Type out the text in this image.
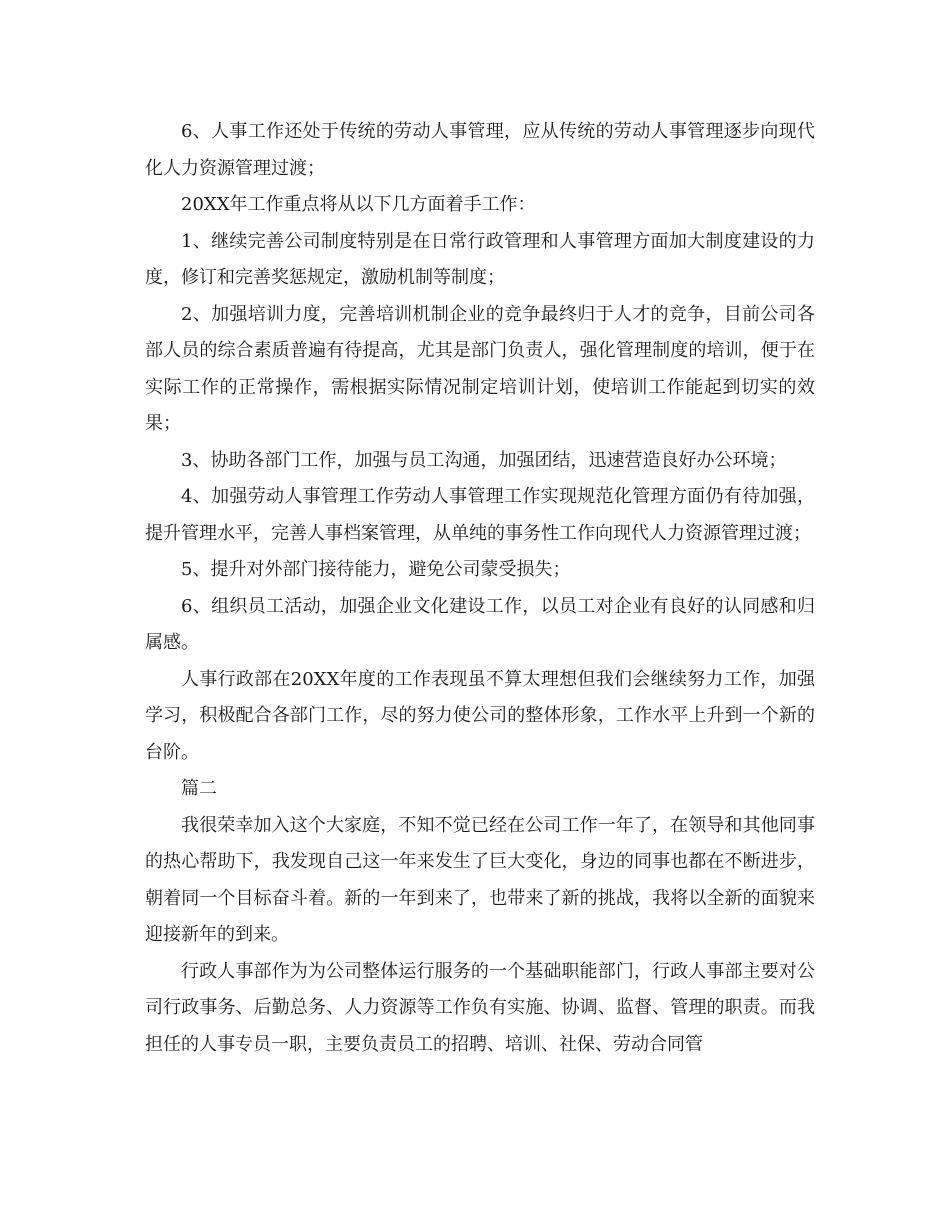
6、人事工作还处于传统的劳动人事管理，应从传统的劳动人事管理逐步向现代化人力资源管理过渡；

20XX年工作重点将从以下几方面着手工作：

1、继续完善公司制度特别是在日常行政管理和人事管理方面加大制度建设的力度，修订和完善奖惩规定，激励机制等制度；

2、加强培训力度，完善培训机制企业的竞争最终归于人才的竞争，目前公司各部人员的综合素质普遍有待提高，尤其是部门负责人，强化管理制度的培训，便于在实际工作的正常操作，需根据实际情况制定培训计划，使培训工作能起到切实的效果；

3、协助各部门工作，加强与员工沟通，加强团结，迅速营造良好办公环境；

4、加强劳动人事管理工作劳动人事管理工作实现规范化管理方面仍有待加强，提升管理水平，完善人事档案管理，从单纯的事务性工作向现代人力资源管理过渡；

5、提升对外部门接待能力，避免公司蒙受损失；

6、组织员工活动，加强企业文化建设工作，以员工对企业有良好的认同感和归属感。

人事行政部在20XX年度的工作表现虽不算太理想但我们会继续努力工作，加强学习，积极配合各部门工作，尽的努力使公司的整体形象，工作水平上升到一个新的台阶。

篇二

我很荣幸加入这个大家庭，不知不觉已经在公司工作一年了，在领导和其他同事的热心帮助下，我发现自己这一年来发生了巨大变化，身边的同事也都在不断进步，朝着同一个目标奋斗着。新的一年到来了，也带来了新的挑战，我将以全新的面貌来迎接新年的到来。

行政人事部作为为公司整体运行服务的一个基础职能部门，行政人事部主要对公司行政事务、后勤总务、人力资源等工作负有实施、协调、监督、管理的职责。而我担任的人事专员一职，主要负责员工的招聘、培训、社保、劳动合同管
